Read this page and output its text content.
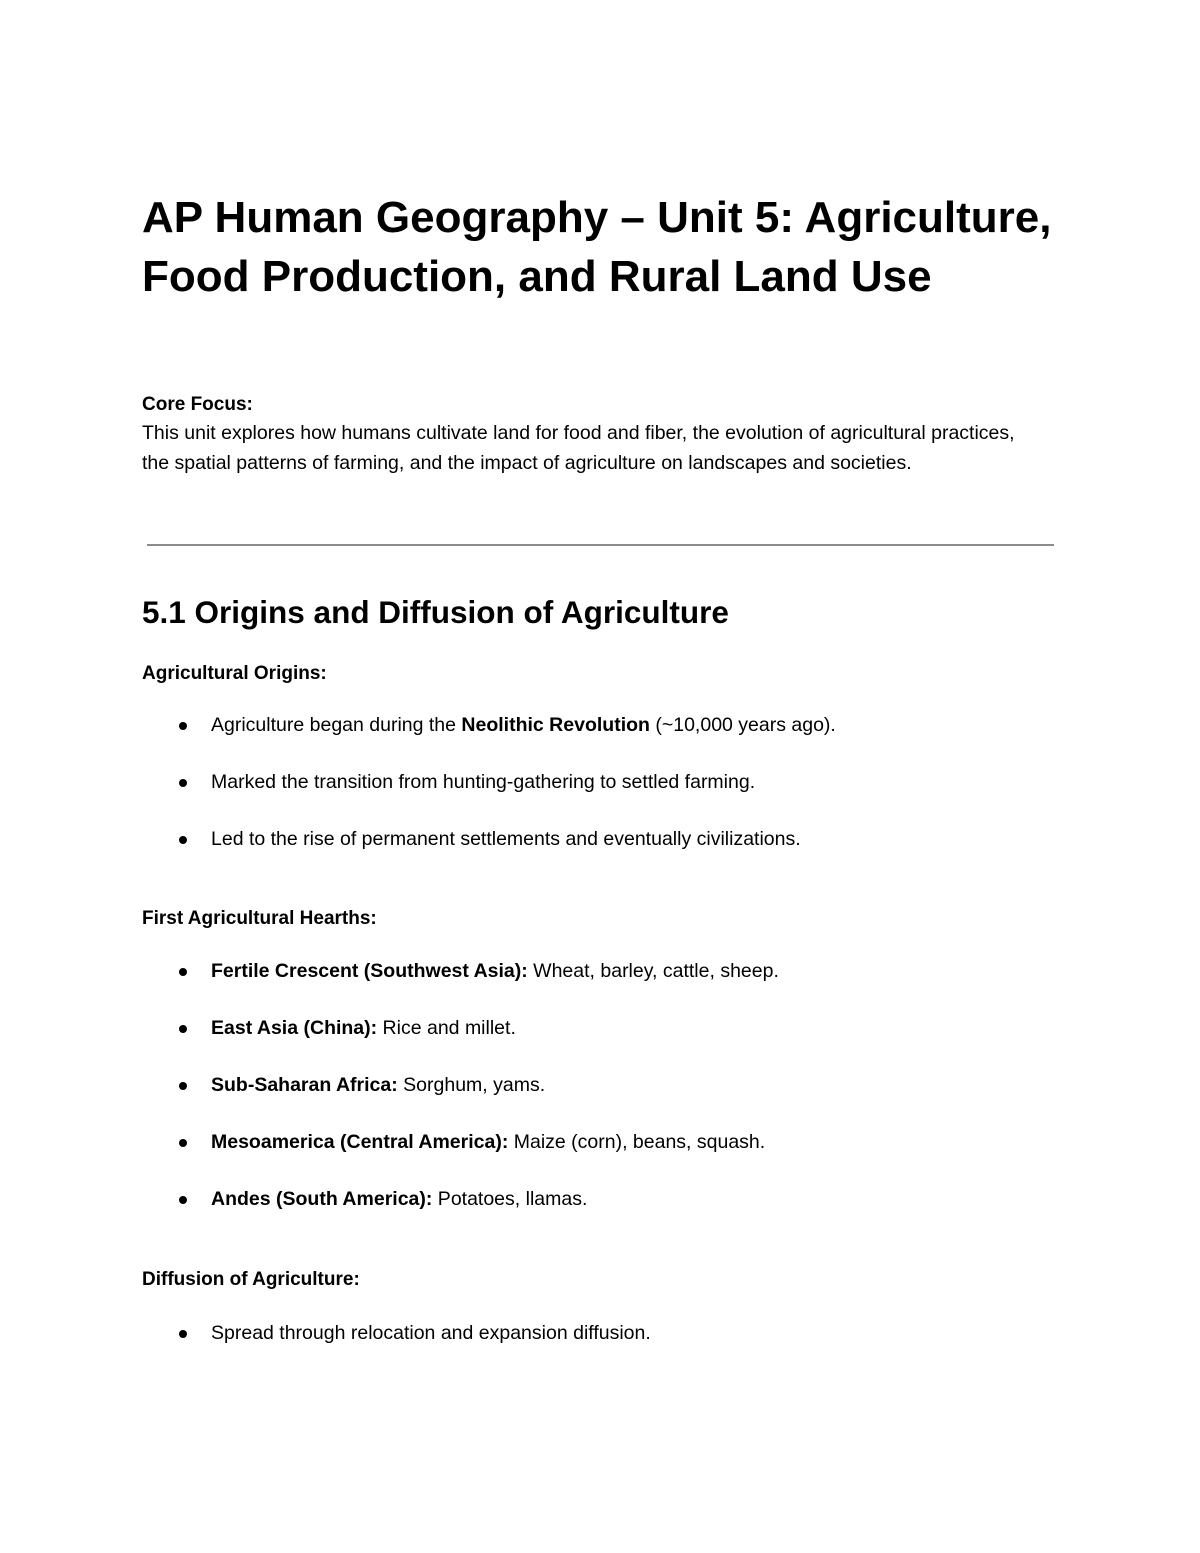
AP Human Geography – Unit 5: Agriculture, Food Production, and Rural Land Use

Core Focus:

This unit explores how humans cultivate land for food and fiber, the evolution of agricultural practices, the spatial patterns of farming, and the impact of agriculture on landscapes and societies.

5.1 Origins and Diffusion of Agriculture

Agricultural Origins:

Agriculture began during the Neolithic Revolution (~10,000 years ago).
Marked the transition from hunting-gathering to settled farming.
Led to the rise of permanent settlements and eventually civilizations.

First Agricultural Hearths:

Fertile Crescent (Southwest Asia): Wheat, barley, cattle, sheep.
East Asia (China): Rice and millet.
Sub-Saharan Africa: Sorghum, yams.
Mesoamerica (Central America): Maize (corn), beans, squash.
Andes (South America): Potatoes, llamas.

Diffusion of Agriculture:

Spread through relocation and expansion diffusion.
